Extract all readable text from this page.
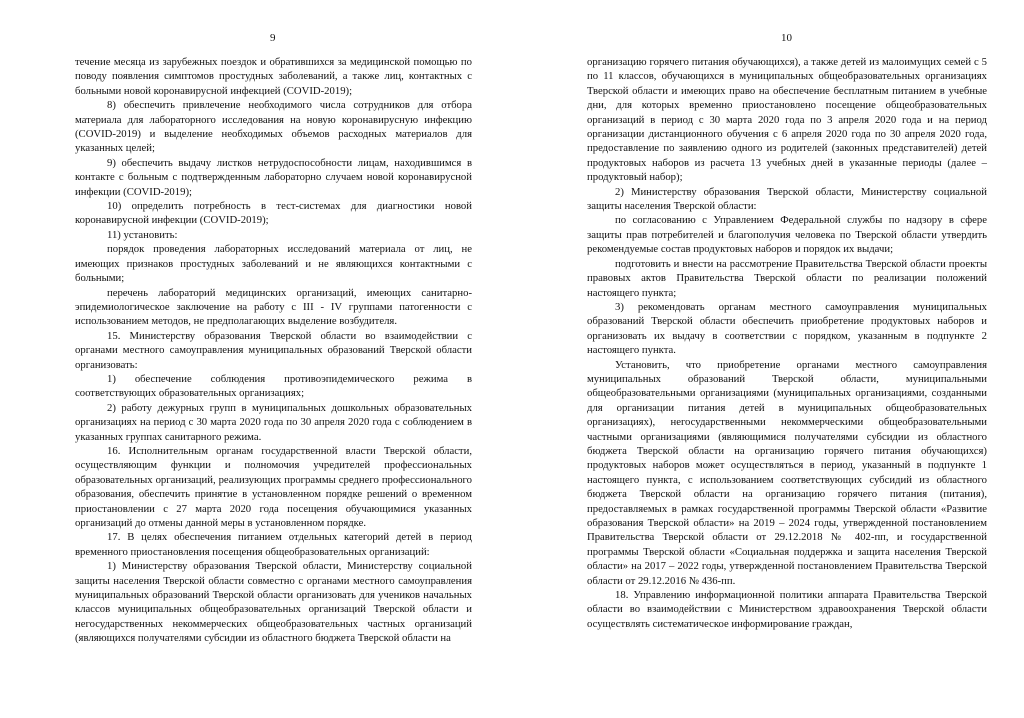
9	10

течение месяца из зарубежных поездок и обратившихся за медицинской помощью по поводу появления симптомов простудных заболеваний, а также лиц, контактных с больными новой коронавирусной инфекцией (COVID-2019);

8) обеспечить привлечение необходимого числа сотрудников для отбора материала для лабораторного исследования на новую коронавирусную инфекцию (COVID-2019) и выделение необходимых объемов расходных материалов для указанных целей;

9) обеспечить выдачу листков нетрудоспособности лицам, находившимся в контакте с больным с подтвержденным лабораторно случаем новой коронавирусной инфекции (COVID-2019);

10) определить потребность в тест-системах для диагностики новой коронавирусной инфекции (COVID-2019);

11) установить:

порядок проведения лабораторных исследований материала от лиц, не имеющих признаков простудных заболеваний и не являющихся контактными с больными;

перечень лабораторий медицинских организаций, имеющих санитарно-эпидемиологическое заключение на работу с III - IV группами патогенности с использованием методов, не предполагающих выделение возбудителя.

15. Министерству образования Тверской области во взаимодействии с органами местного самоуправления муниципальных образований Тверской области организовать:

1) обеспечение соблюдения противоэпидемического режима в соответствующих образовательных организациях;

2) работу дежурных групп в муниципальных дошкольных образовательных организациях на период с 30 марта 2020 года по 30 апреля 2020 года с соблюдением в указанных группах санитарного режима.

16. Исполнительным органам государственной власти Тверской области, осуществляющим функции и полномочия учредителей профессиональных образовательных организаций, реализующих программы среднего профессионального образования, обеспечить принятие в установленном порядке решений о временном приостановлении с 27 марта 2020 года посещения обучающимися указанных организаций до отмены данной меры в установленном порядке.

17. В целях обеспечения питанием отдельных категорий детей в период временного приостановления посещения общеобразовательных организаций:

1) Министерству образования Тверской области, Министерству социальной защиты населения Тверской области совместно с органами местного самоуправления муниципальных образований Тверской области организовать для учеников начальных классов муниципальных общеобразовательных организаций Тверской области и негосударственных некоммерческих общеобразовательных частных организаций (являющихся получателями субсидии из областного бюджета Тверской области на

организацию горячего питания обучающихся), а также детей из малоимущих семей с 5 по 11 классов, обучающихся в муниципальных общеобразовательных организациях Тверской области и имеющих право на обеспечение бесплатным питанием в учебные дни, для которых временно приостановлено посещение общеобразовательных организаций в период с 30 марта 2020 года по 3 апреля 2020 года и на период организации дистанционного обучения с 6 апреля 2020 года по 30 апреля 2020 года, предоставление по заявлению одного из родителей (законных представителей) детей продуктовых наборов из расчета 13 учебных дней в указанные периоды (далее – продуктовый набор);

2) Министерству образования Тверской области, Министерству социальной защиты населения Тверской области:

по согласованию с Управлением Федеральной службы по надзору в сфере защиты прав потребителей и благополучия человека по Тверской области утвердить рекомендуемые состав продуктовых наборов и порядок их выдачи;

подготовить и внести на рассмотрение Правительства Тверской области проекты правовых актов Правительства Тверской области по реализации положений настоящего пункта;

3) рекомендовать органам местного самоуправления муниципальных образований Тверской области обеспечить приобретение продуктовых наборов и организовать их выдачу в соответствии с порядком, указанным в подпункте 2 настоящего пункта.

Установить, что приобретение органами местного самоуправления муниципальных образований Тверской области, муниципальными общеобразовательными организациями (муниципальных организациями, созданными для организации питания детей в муниципальных общеобразовательных организациях), негосударственными некоммерческими общеобразовательными частными организациями (являющимися получателями субсидии из областного бюджета Тверской области на организацию горячего питания обучающихся) продуктовых наборов может осуществляться в период, указанный в подпункте 1 настоящего пункта, с использованием соответствующих субсидий из областного бюджета Тверской области на организацию горячего питания (питания), предоставляемых в рамках государственной программы Тверской области «Развитие образования Тверской области» на 2019 – 2024 годы, утвержденной постановлением Правительства Тверской области от 29.12.2018 № 402-пп, и государственной программы Тверской области «Социальная поддержка и защита населения Тверской области» на 2017 – 2022 годы, утвержденной постановлением Правительства Тверской области от 29.12.2016 № 436-пп.

18. Управлению информационной политики аппарата Правительства Тверской области во взаимодействии с Министерством здравоохранения Тверской области осуществлять систематическое информирование граждан,
